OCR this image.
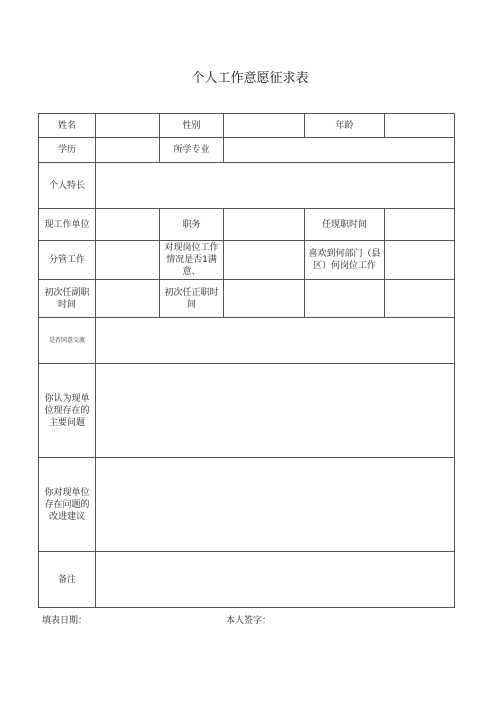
个人工作意愿征求表
姓名		性别		年龄	
学历		所学专业			
个人特长					
现工作单位		职务		任现职时间	
分管工作		对现岗位工作情况是否1满意、		喜欢到何部门（县区）何岗位工作	
初次任副职时间		初次任正职时间			
是否同意交流					
你认为现单位现存在的主要问题					
你对现单位存在问题的改进建议					
备注					
填表日期：	本人签字：
